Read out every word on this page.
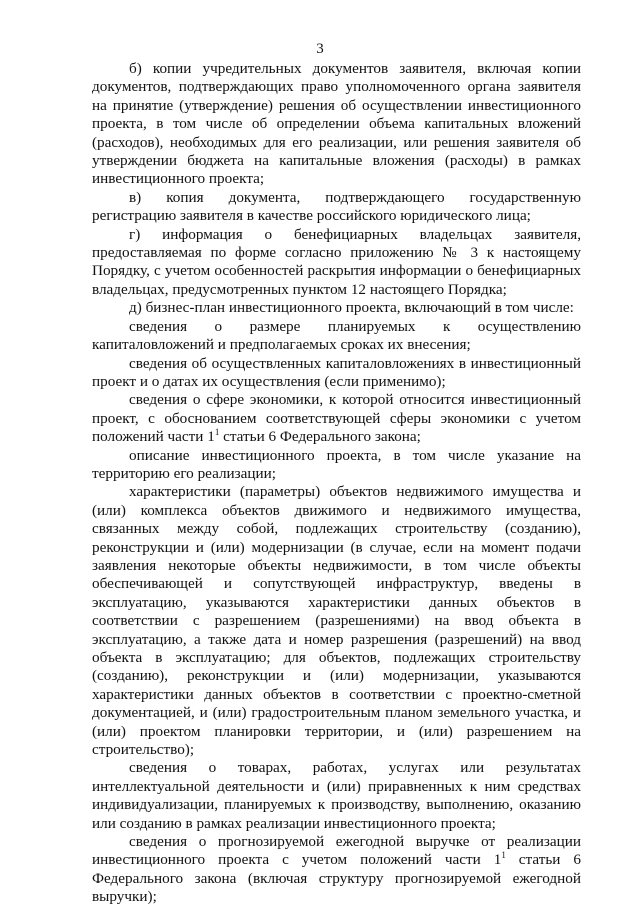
3

б) копии учредительных документов заявителя, включая копии документов, подтверждающих право уполномоченного органа заявителя на принятие (утверждение) решения об осуществлении инвестиционного проекта, в том числе об определении объема капитальных вложений (расходов), необходимых для его реализации, или решения заявителя об утверждении бюджета на капитальные вложения (расходы) в рамках инвестиционного проекта;

в) копия документа, подтверждающего государственную регистрацию заявителя в качестве российского юридического лица;

г) информация о бенефициарных владельцах заявителя, предоставляемая по форме согласно приложению № 3 к настоящему Порядку, с учетом особенностей раскрытия информации о бенефициарных владельцах, предусмотренных пунктом 12 настоящего Порядка;

д) бизнес-план инвестиционного проекта, включающий в том числе:

сведения о размере планируемых к осуществлению капиталовложений и предполагаемых сроках их внесения;

сведения об осуществленных капиталовложениях в инвестиционный проект и о датах их осуществления (если применимо);

сведения о сфере экономики, к которой относится инвестиционный проект, с обоснованием соответствующей сферы экономики с учетом положений части $1^1$ статьи 6 Федерального закона;

описание инвестиционного проекта, в том числе указание на территорию его реализации;

характеристики (параметры) объектов недвижимого имущества и (или) комплекса объектов движимого и недвижимого имущества, связанных между собой, подлежащих строительству (созданию), реконструкции и (или) модернизации (в случае, если на момент подачи заявления некоторые объекты недвижимости, в том числе объекты обеспечивающей и сопутствующей инфраструктур, введены в эксплуатацию, указываются характеристики данных объектов в соответствии с разрешением (разрешениями) на ввод объекта в эксплуатацию, а также дата и номер разрешения (разрешений) на ввод объекта в эксплуатацию; для объектов, подлежащих строительству (созданию), реконструкции и (или) модернизации, указываются характеристики данных объектов в соответствии с проектно-сметной документацией, и (или) градостроительным планом земельного участка, и (или) проектом планировки территории, и (или) разрешением на строительство);

сведения о товарах, работах, услугах или результатах интеллектуальной деятельности и (или) приравненных к ним средствах индивидуализации, планируемых к производству, выполнению, оказанию или созданию в рамках реализации инвестиционного проекта;

сведения о прогнозируемой ежегодной выручке от реализации инвестиционного проекта с учетом положений части $1^1$ статьи 6 Федерального закона (включая структуру прогнозируемой ежегодной выручки);
